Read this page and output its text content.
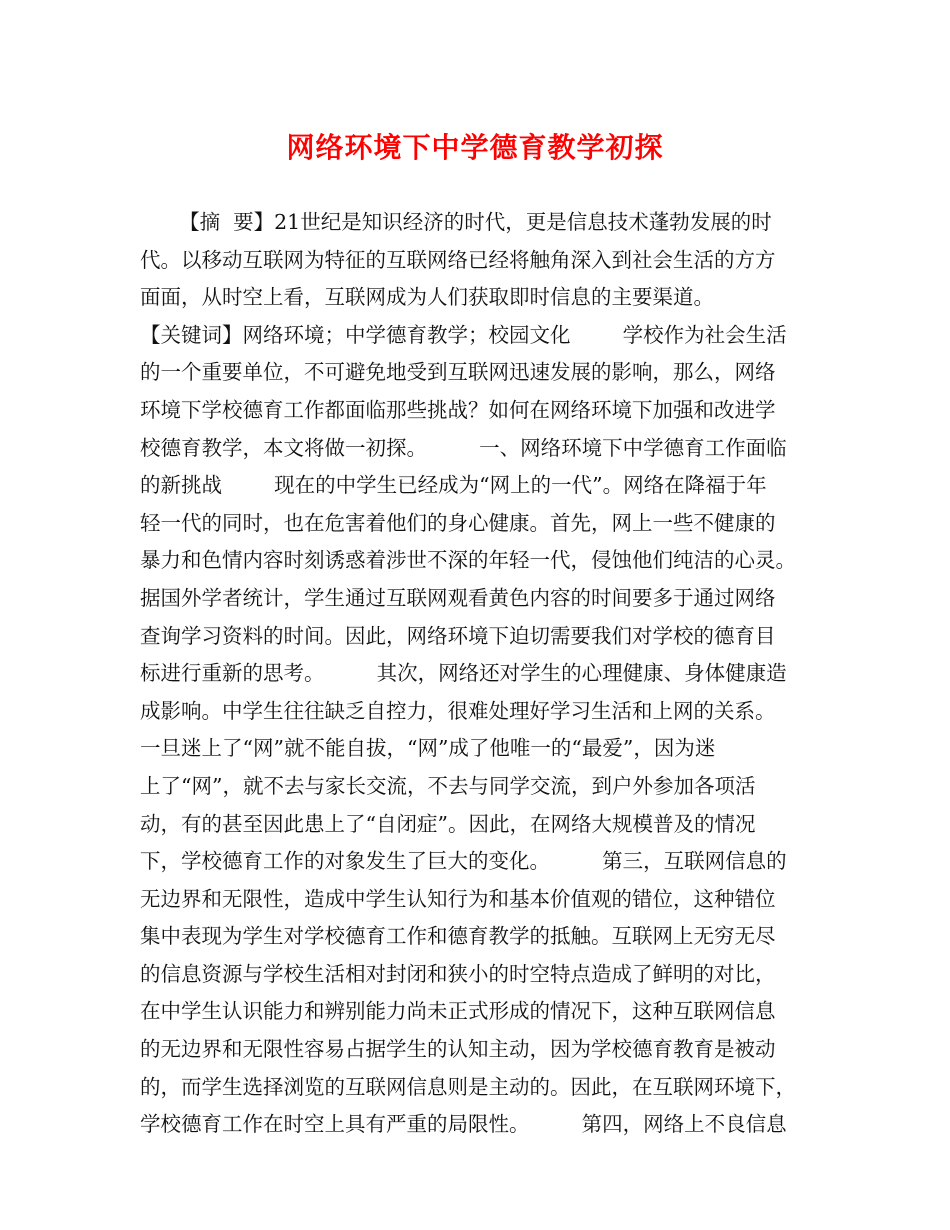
网络环境下中学德育教学初探
【摘  要】21世纪是知识经济的时代，更是信息技术蓬勃发展的时
代。以移动互联网为特征的互联网络已经将触角深入到社会生活的方方
面面，从时空上看，互联网成为人们获取即时信息的主要渠道。
【关键词】网络环境；中学德育教学；校园文化        学校作为社会生活
的一个重要单位，不可避免地受到互联网迅速发展的影响，那么，网络
环境下学校德育工作都面临那些挑战？如何在网络环境下加强和改进学
校德育教学，本文将做一初探。        一、网络环境下中学德育工作面临
的新挑战        现在的中学生已经成为“网上的一代”。网络在降福于年
轻一代的同时，也在危害着他们的身心健康。首先，网上一些不健康的
暴力和色情内容时刻诱惑着涉世不深的年轻一代，侵蚀他们纯洁的心灵。
据国外学者统计，学生通过互联网观看黄色内容的时间要多于通过网络
查询学习资料的时间。因此，网络环境下迫切需要我们对学校的德育目
标进行重新的思考。        其次，网络还对学生的心理健康、身体健康造
成影响。中学生往往缺乏自控力，很难处理好学习生活和上网的关系。
一旦迷上了“网”就不能自拔，“网”成了他唯一的“最爱”，因为迷
上了“网”，就不去与家长交流，不去与同学交流，到户外参加各项活
动，有的甚至因此患上了“自闭症”。因此，在网络大规模普及的情况
下，学校德育工作的对象发生了巨大的变化。        第三，互联网信息的
无边界和无限性，造成中学生认知行为和基本价值观的错位，这种错位
集中表现为学生对学校德育工作和德育教学的抵触。互联网上无穷无尽
的信息资源与学校生活相对封闭和狭小的时空特点造成了鲜明的对比，
在中学生认识能力和辨别能力尚未正式形成的情况下，这种互联网信息
的无边界和无限性容易占据学生的认知主动，因为学校德育教育是被动
的，而学生选择浏览的互联网信息则是主动的。因此，在互联网环境下，
学校德育工作在时空上具有严重的局限性。        第四，网络上不良信息
